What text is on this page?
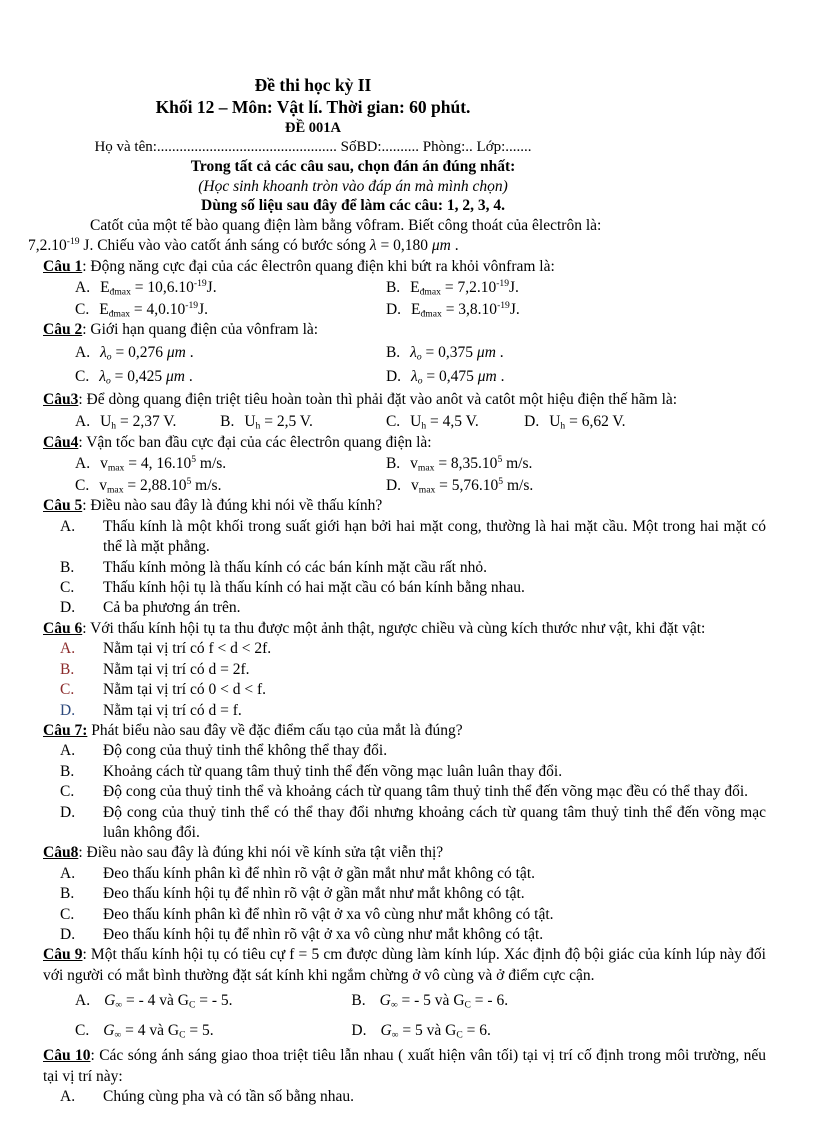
Đề thi học kỳ II
Khối 12 – Môn: Vật lí. Thời gian: 60 phút.
ĐỀ 001A
Họ và tên:................................................ SốBD:.......... Phòng:.. Lớp:.......
Trong tất cả các câu sau, chọn đán án đúng nhất:
(Học sinh khoanh tròn vào đáp án mà mình chọn)
Dùng số liệu sau đây để làm các câu: 1, 2, 3, 4.
Catốt của một tế bào quang điện làm bằng vôfram. Biết công thoát của êlectrôn là:
$7,2.10^{-19}$ J. Chiếu vào vào catốt ánh sáng có bước sóng λ = 0,180 μm .
Câu 1: Động năng cực đại của các êlectrôn quang điện khi bứt ra khỏi vônfram là:
A. $E_{đmax} = 10,6.10^{-19}J$.	B. $E_{đmax} = 7,2.10^{-19}J$.
C. $E_{đmax} = 4,0.10^{-19}J$.	D. $E_{đmax} = 3,8.10^{-19}J$.
Câu 2: Giới hạn quang điện của vônfram là:
A. $\lambda_o = 0,276$ μm .	B. $\lambda_o = 0,375$ μm .
C. $\lambda_o = 0,425$ μm .	D. $\lambda_o = 0,475$ μm .
Câu3: Để dòng quang điện triệt tiêu hoàn toàn thì phải đặt vào anôt và catôt một hiệu điện thế hãm là:
A. $U_h = 2,37$ V.	B. $U_h = 2,5$ V.	C. $U_h = 4,5$ V.	D. $U_h = 6,62$ V.
Câu4: Vận tốc ban đầu cực đại của các êlectrôn quang điện là:
A. $v_{max} = 4$, 16.10$^5$ m/s.	B. $v_{max} = 8,35.10^5$ m/s.
C. $v_{max} = 2,88.10^5$ m/s.	D. $v_{max} = 5,76.10^5$ m/s.
Câu 5: Điều nào sau đây là đúng khi nói về thấu kính?
A.	Thấu kính là một khối trong suất giới hạn bởi hai mặt cong, thường là hai mặt cầu. Một trong hai mặt có thể là mặt phẳng.
B.	Thấu kính mỏng là thấu kính có các bán kính mặt cầu rất nhỏ.
C.	Thấu kính hội tụ là thấu kính có hai mặt cầu có bán kính bằng nhau.
D.	Cả ba phương án trên.
Câu 6: Với thấu kính hội tụ ta thu được một ảnh thật, ngược chiều và cùng kích thước như vật, khi đặt vật:
A.	Nằm tại vị trí có f < d < 2f.
B.	Nằm tại vị trí có d = 2f.
C.	Nằm tại vị trí có 0 < d < f.
D.	Nằm tại vị trí có d = f.
Câu 7: Phát biểu nào sau đây về đặc điểm cấu tạo của mắt là đúng?
A.	Độ cong của thuỷ tinh thể không thể thay đổi.
B.	Khoảng cách từ quang tâm thuỷ tinh thể đến võng mạc luân luân thay đổi.
C.	Độ cong của thuỷ tinh thể và khoảng cách từ quang tâm thuỷ tinh thể đến võng mạc đều có thể thay đổi.
D.	Độ cong của thuỷ tinh thể có thể thay đổi nhưng khoảng cách từ quang tâm thuỷ tinh thể đến võng mạc luân không đổi.
Câu8: Điều nào sau đây là đúng khi nói về kính sửa tật viễn thị?
A.	Đeo thấu kính phân kì để nhìn rõ vật ở gần mắt như mắt không có tật.
B.	Đeo thấu kính hội tụ để nhìn rõ vật ở gần mắt như mắt không có tật.
C.	Đeo thấu kính phân kì để nhìn rõ vật ở xa vô cùng như mắt không có tật.
D.	Đeo thấu kính hội tụ để nhìn rõ vật ở xa vô cùng như mắt không có tật.
Câu 9: Một thấu kính hội tụ có tiêu cự f = 5 cm được dùng làm kính lúp. Xác định độ bội giác của kính lúp này đối với người có mắt bình thường đặt sát kính khi ngắm chừng ở vô cùng và ở điểm cực cận.
A. $G_\infty$ = - 4 và $G_C$ = - 5.	B. $G_\infty$ = - 5 và $G_C$ = - 6.
C. $G_\infty = 4$ và $G_C = 5$.	D. $G_\infty = 5$ và $G_C = 6$.
Câu 10: Các sóng ánh sáng giao thoa triệt tiêu lẫn nhau ( xuất hiện vân tối) tại vị trí cố định trong môi trường, nếu tại vị trí này:
A.	Chúng cùng pha và có tần số bằng nhau.
